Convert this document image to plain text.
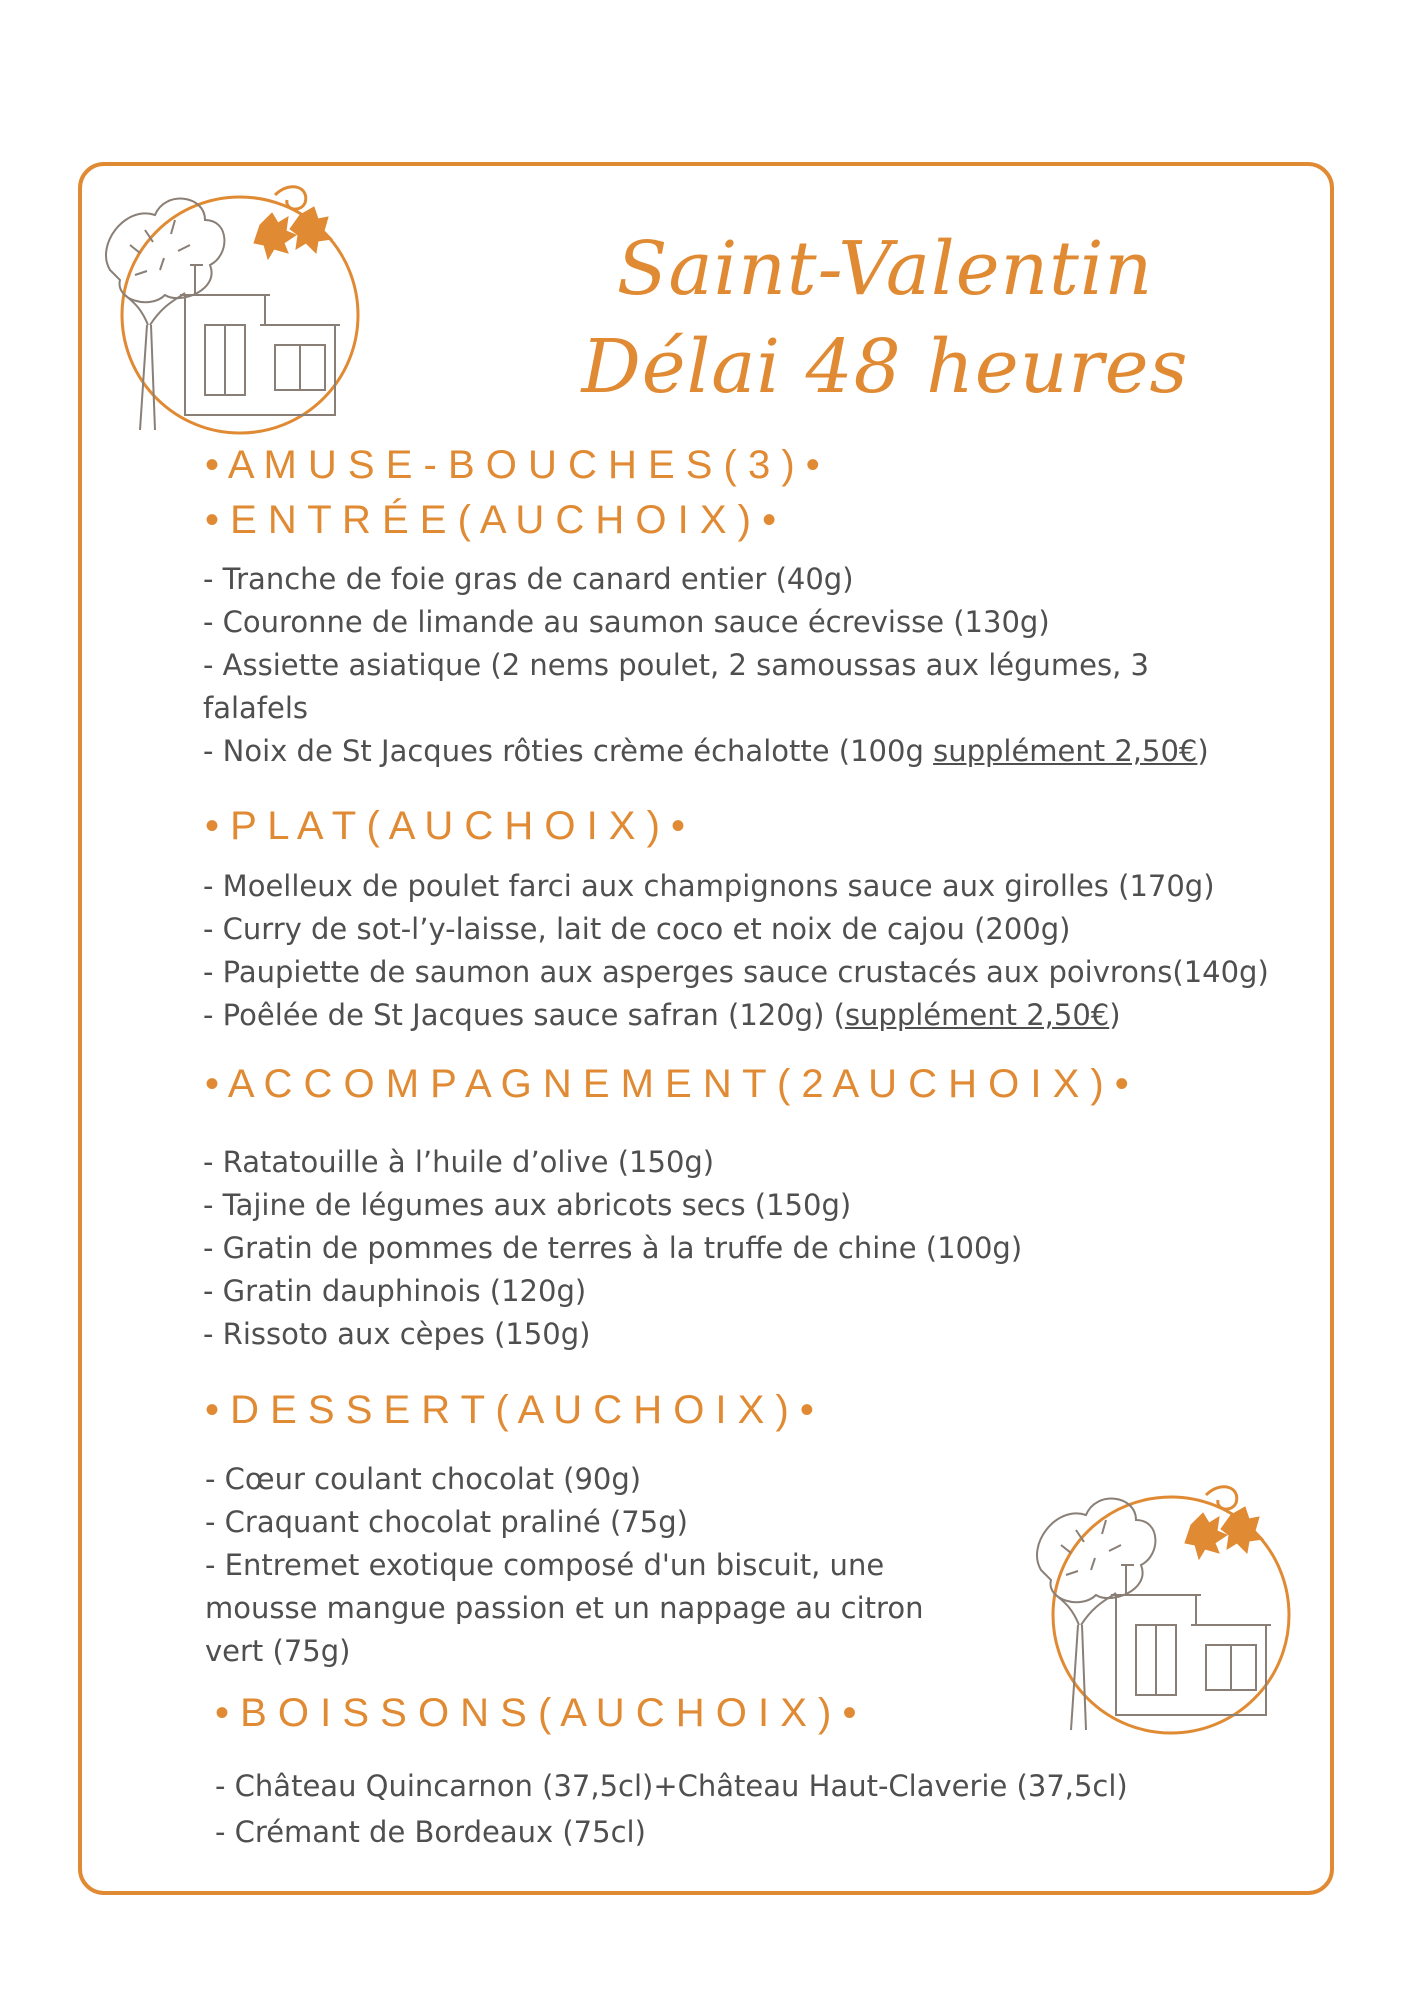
Saint-Valentin
Délai 48 heures
• A M U S E - B O U C H E S ( 3 ) •
• E N T R É E ( A U C H O I X ) •
- Tranche de foie gras de canard entier (40g)
- Couronne de limande au saumon sauce écrevisse (130g)
- Assiette asiatique (2 nems poulet, 2 samoussas aux légumes, 3
falafels
- Noix de St Jacques rôties crème échalotte (100g supplément 2,50€)
• P L A T ( A U C H O I X ) •
- Moelleux de poulet farci aux champignons sauce aux girolles (170g)
- Curry de sot-l’y-laisse, lait de coco et noix de cajou (200g)
- Paupiette de saumon aux asperges sauce crustacés aux poivrons(140g)
- Poêlée de St Jacques sauce safran (120g) (supplément 2,50€)
• A C C O M P A G N E M E N T ( 2 A U C H O I X ) •
- Ratatouille à l’huile d’olive (150g)
- Tajine de légumes aux abricots secs (150g)
- Gratin de pommes de terres à la truffe de chine (100g)
- Gratin dauphinois (120g)
- Rissoto aux cèpes (150g)
• D E S S E R T ( A U C H O I X ) •
- Cœur coulant chocolat (90g)
- Craquant chocolat praliné (75g)
- Entremet exotique composé d'un biscuit, une
mousse mangue passion et un nappage au citron
vert (75g)
• B O I S S O N S ( A U C H O I X ) •
- Château Quincarnon (37,5cl)+Château Haut-Claverie (37,5cl)
- Crémant de Bordeaux (75cl)
